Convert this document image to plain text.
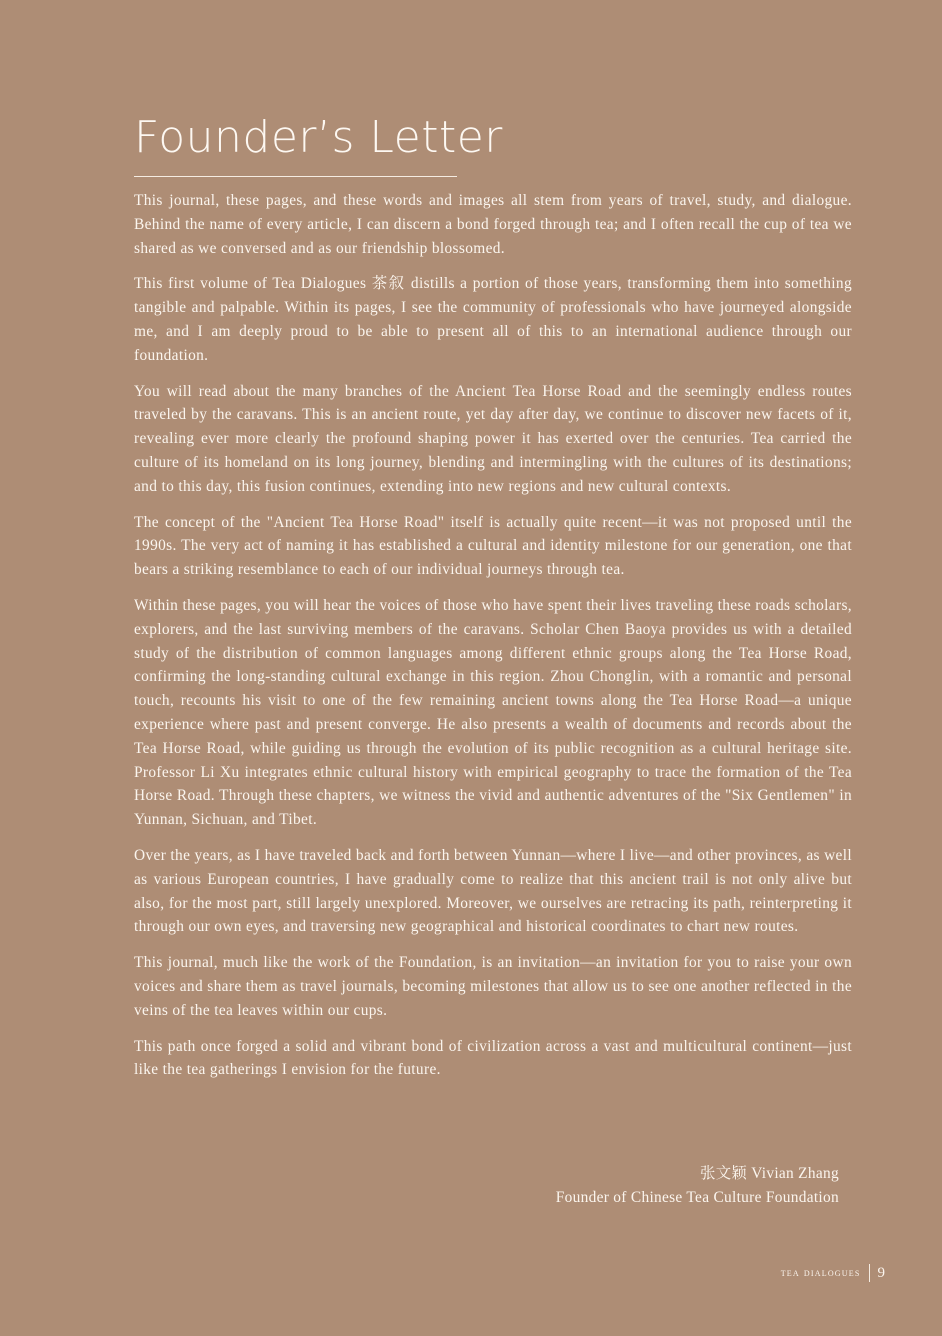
Founder’s Letter

This journal, these pages, and these words and images all stem from years of travel, study, and dialogue. Behind the name of every article, I can discern a bond forged through tea; and I often recall the cup of tea we shared as we conversed and as our friendship blossomed.

This first volume of Tea Dialogues 茶叙 distills a portion of those years, transforming them into something tangible and palpable. Within its pages, I see the community of professionals who have journeyed alongside me, and I am deeply proud to be able to present all of this to an international audience through our foundation.

You will read about the many branches of the Ancient Tea Horse Road and the seemingly endless routes traveled by the caravans. This is an ancient route, yet day after day, we continue to discover new facets of it, revealing ever more clearly the profound shaping power it has exerted over the centuries. Tea carried the culture of its homeland on its long journey, blending and intermingling with the cultures of its destinations; and to this day, this fusion continues, extending into new regions and new cultural contexts.

The concept of the "Ancient Tea Horse Road" itself is actually quite recent—it was not proposed until the 1990s. The very act of naming it has established a cultural and identity milestone for our generation, one that bears a striking resemblance to each of our individual journeys through tea.

Within these pages, you will hear the voices of those who have spent their lives traveling these roads scholars, explorers, and the last surviving members of the caravans. Scholar Chen Baoya provides us with a detailed study of the distribution of common languages among different ethnic groups along the Tea Horse Road, confirming the long-standing cultural exchange in this region. Zhou Chonglin, with a romantic and personal touch, recounts his visit to one of the few remaining ancient towns along the Tea Horse Road—a unique experience where past and present converge. He also presents a wealth of documents and records about the Tea Horse Road, while guiding us through the evolution of its public recognition as a cultural heritage site. Professor Li Xu integrates ethnic cultural history with empirical geography to trace the formation of the Tea Horse Road. Through these chapters, we witness the vivid and authentic adventures of the "Six Gentlemen" in Yunnan, Sichuan, and Tibet.

Over the years, as I have traveled back and forth between Yunnan—where I live—and other provinces, as well as various European countries, I have gradually come to realize that this ancient trail is not only alive but also, for the most part, still largely unexplored. Moreover, we ourselves are retracing its path, reinterpreting it through our own eyes, and traversing new geographical and historical coordinates to chart new routes.

This journal, much like the work of the Foundation, is an invitation—an invitation for you to raise your own voices and share them as travel journals, becoming milestones that allow us to see one another reflected in the veins of the tea leaves within our cups.

This path once forged a solid and vibrant bond of civilization across a vast and multicultural continent—just like the tea gatherings I envision for the future.

张文颖 Vivian Zhang
Founder of Chinese Tea Culture Foundation
tea dialogues 9
